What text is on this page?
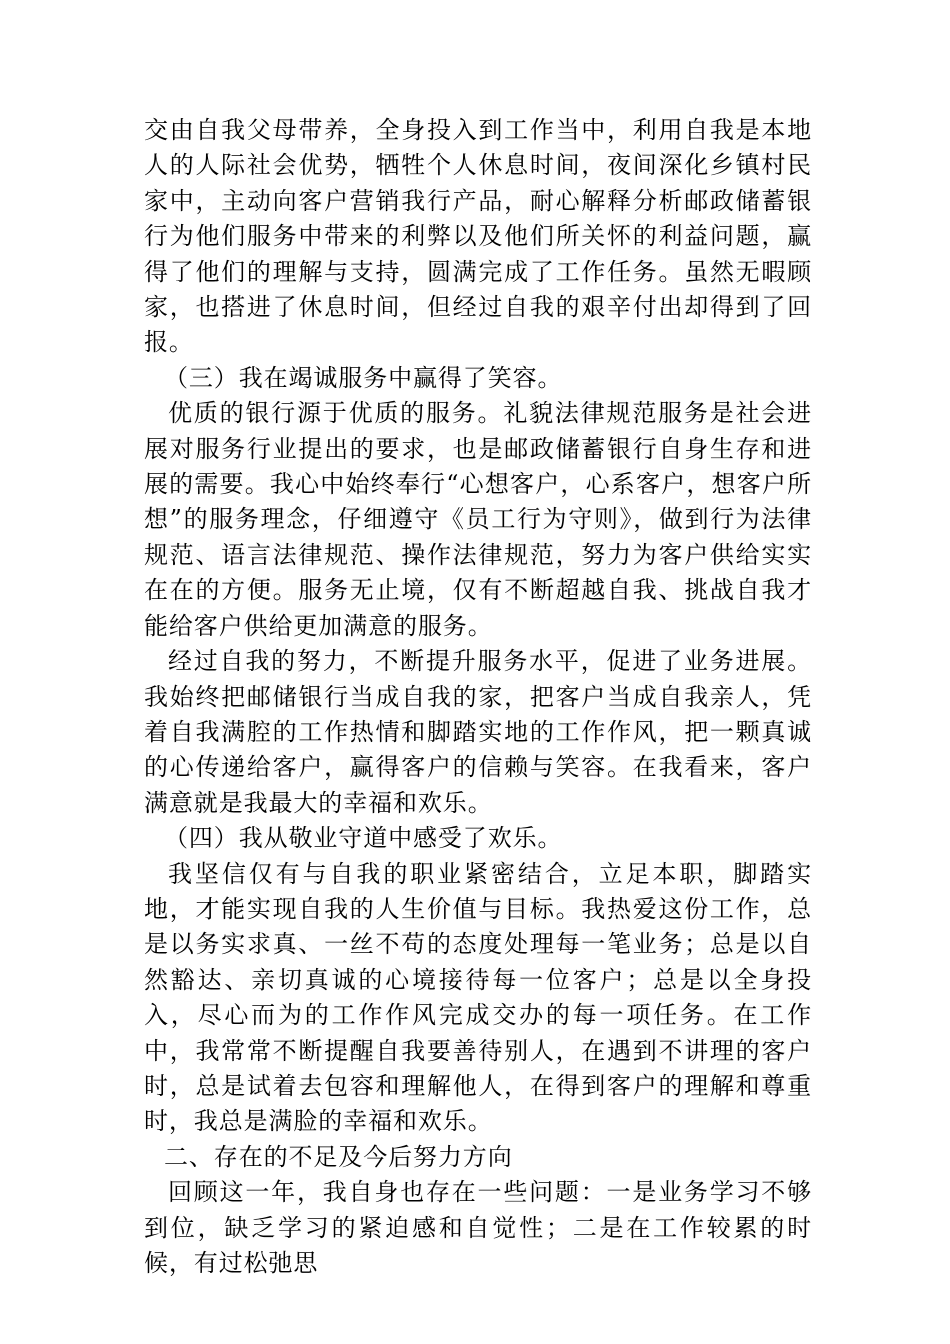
交由自我父母带养，全身投入到工作当中，利用自我是本地人的人际社会优势，牺牲个人休息时间，夜间深化乡镇村民家中，主动向客户营销我行产品，耐心解释分析邮政储蓄银行为他们服务中带来的利弊以及他们所关怀的利益问题，赢得了他们的理解与支持，圆满完成了工作任务。虽然无暇顾家，也搭进了休息时间，但经过自我的艰辛付出却得到了回报。

（三）我在竭诚服务中赢得了笑容。

优质的银行源于优质的服务。礼貌法律规范服务是社会进展对服务行业提出的要求，也是邮政储蓄银行自身生存和进展的需要。我心中始终奉行“心想客户，心系客户，想客户所想”的服务理念，仔细遵守《员工行为守则》，做到行为法律规范、语言法律规范、操作法律规范，努力为客户供给实实在在的方便。服务无止境，仅有不断超越自我、挑战自我才能给客户供给更加满意的服务。

经过自我的努力，不断提升服务水平，促进了业务进展。我始终把邮储银行当成自我的家，把客户当成自我亲人，凭着自我满腔的工作热情和脚踏实地的工作作风，把一颗真诚的心传递给客户，赢得客户的信赖与笑容。在我看来，客户满意就是我最大的幸福和欢乐。

（四）我从敬业守道中感受了欢乐。

我坚信仅有与自我的职业紧密结合，立足本职，脚踏实地，才能实现自我的人生价值与目标。我热爱这份工作，总是以务实求真、一丝不苟的态度处理每一笔业务；总是以自然豁达、亲切真诚的心境接待每一位客户；总是以全身投入，尽心而为的工作作风完成交办的每一项任务。在工作中，我常常不断提醒自我要善待别人，在遇到不讲理的客户时，总是试着去包容和理解他人，在得到客户的理解和尊重时，我总是满脸的幸福和欢乐。

二、存在的不足及今后努力方向

回顾这一年，我自身也存在一些问题：一是业务学习不够到位，缺乏学习的紧迫感和自觉性；二是在工作较累的时候，有过松弛思
